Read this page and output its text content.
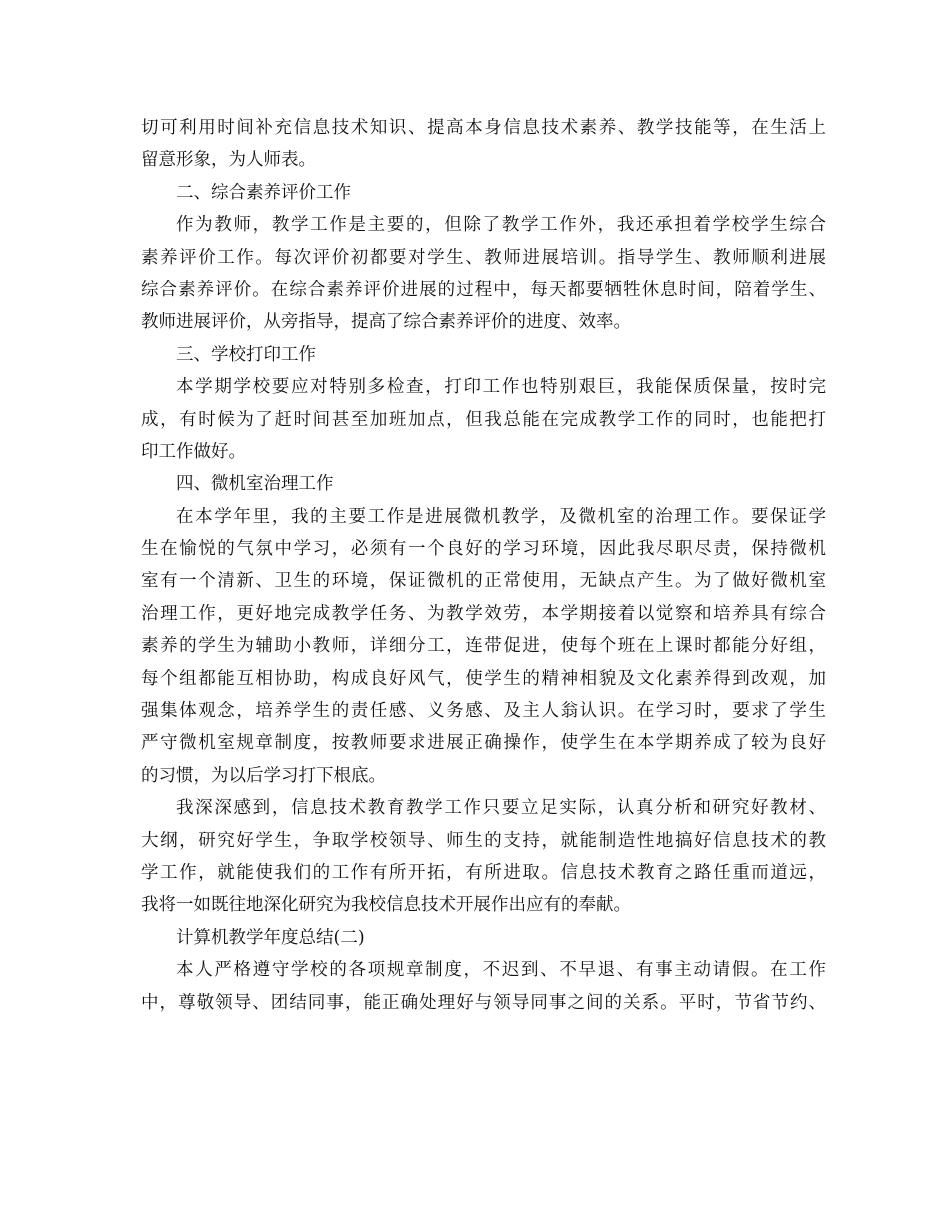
切可利用时间补充信息技术知识、提高本身信息技术素养、教学技能等，在生活上
留意形象，为人师表。
二、综合素养评价工作
作为教师，教学工作是主要的，但除了教学工作外，我还承担着学校学生综合
素养评价工作。每次评价初都要对学生、教师进展培训。指导学生、教师顺利进展
综合素养评价。在综合素养评价进展的过程中，每天都要牺牲休息时间，陪着学生、
教师进展评价，从旁指导，提高了综合素养评价的进度、效率。
三、学校打印工作
本学期学校要应对特别多检查，打印工作也特别艰巨，我能保质保量，按时完
成，有时候为了赶时间甚至加班加点，但我总能在完成教学工作的同时，也能把打
印工作做好。
四、微机室治理工作
在本学年里，我的主要工作是进展微机教学，及微机室的治理工作。要保证学
生在愉悦的气氛中学习，必须有一个良好的学习环境，因此我尽职尽责，保持微机
室有一个清新、卫生的环境，保证微机的正常使用，无缺点产生。为了做好微机室
治理工作，更好地完成教学任务、为教学效劳，本学期接着以觉察和培养具有综合
素养的学生为辅助小教师，详细分工，连带促进，使每个班在上课时都能分好组，
每个组都能互相协助，构成良好风气，使学生的精神相貌及文化素养得到改观，加
强集体观念，培养学生的责任感、义务感、及主人翁认识。在学习时，要求了学生
严守微机室规章制度，按教师要求进展正确操作，使学生在本学期养成了较为良好
的习惯，为以后学习打下根底。
我深深感到，信息技术教育教学工作只要立足实际，认真分析和研究好教材、
大纲，研究好学生，争取学校领导、师生的支持，就能制造性地搞好信息技术的教
学工作，就能使我们的工作有所开拓，有所进取。信息技术教育之路任重而道远，
我将一如既往地深化研究为我校信息技术开展作出应有的奉献。
计算机教学年度总结(二)
本人严格遵守学校的各项规章制度，不迟到、不早退、有事主动请假。在工作
中，尊敬领导、团结同事，能正确处理好与领导同事之间的关系。平时，节省节约、
